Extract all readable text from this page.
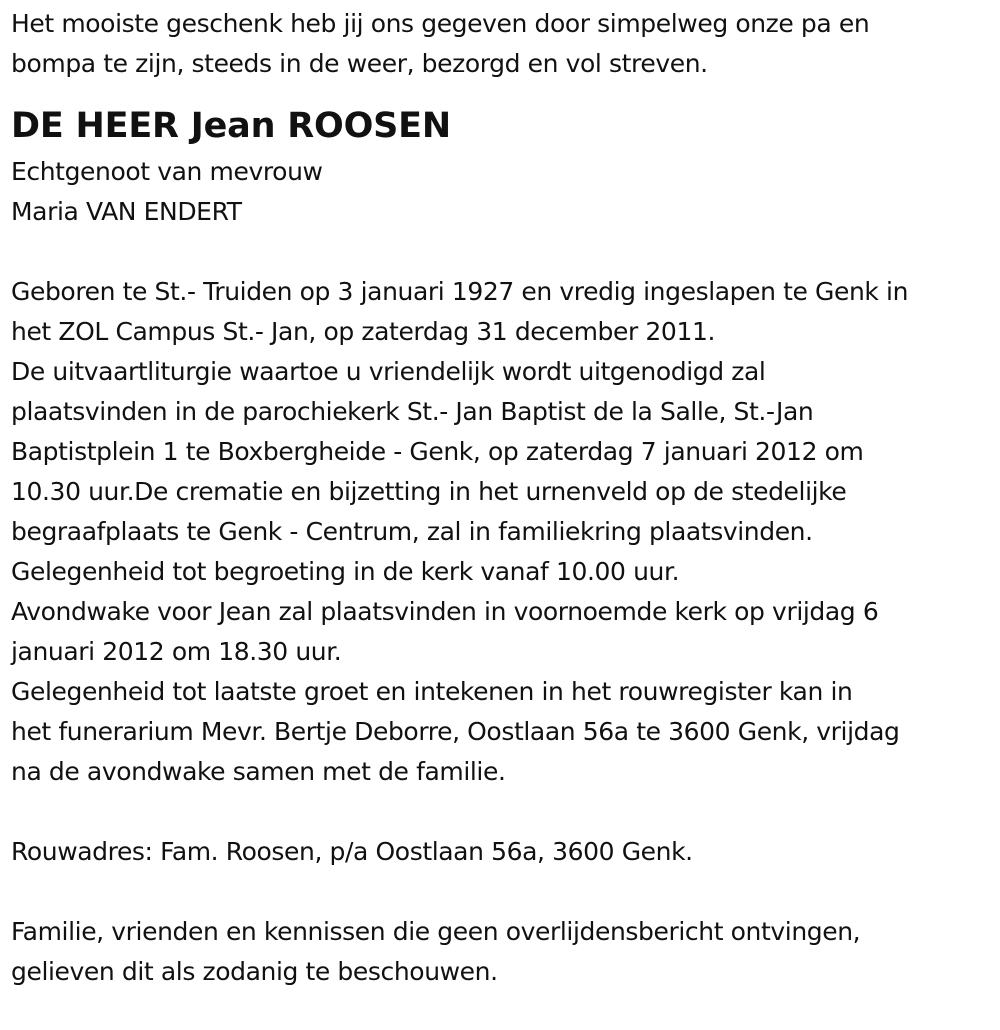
Het mooiste geschenk heb jij ons gegeven door simpelweg onze pa en
bompa te zijn, steeds in de weer, bezorgd en vol streven.
DE HEER Jean ROOSEN
Echtgenoot van mevrouw
Maria VAN ENDERT
Geboren te St.- Truiden op 3 januari 1927 en vredig ingeslapen te Genk in
het ZOL Campus St.- Jan, op zaterdag 31 december 2011.
De uitvaartliturgie waartoe u vriendelijk wordt uitgenodigd zal
plaatsvinden in de parochiekerk St.- Jan Baptist de la Salle, St.-Jan
Baptistplein 1 te Boxbergheide - Genk, op zaterdag 7 januari 2012 om
10.30 uur.De crematie en bijzetting in het urnenveld op de stedelijke
begraafplaats te Genk - Centrum, zal in familiekring plaatsvinden.
Gelegenheid tot begroeting in de kerk vanaf 10.00 uur.
Avondwake voor Jean zal plaatsvinden in voornoemde kerk op vrijdag 6
januari 2012 om 18.30 uur.
Gelegenheid tot laatste groet en intekenen in het rouwregister kan in
het funerarium Mevr. Bertje Deborre, Oostlaan 56a te 3600 Genk, vrijdag
na de avondwake samen met de familie.
Rouwadres: Fam. Roosen, p/a Oostlaan 56a, 3600 Genk.
Familie, vrienden en kennissen die geen overlijdensbericht ontvingen,
gelieven dit als zodanig te beschouwen.
